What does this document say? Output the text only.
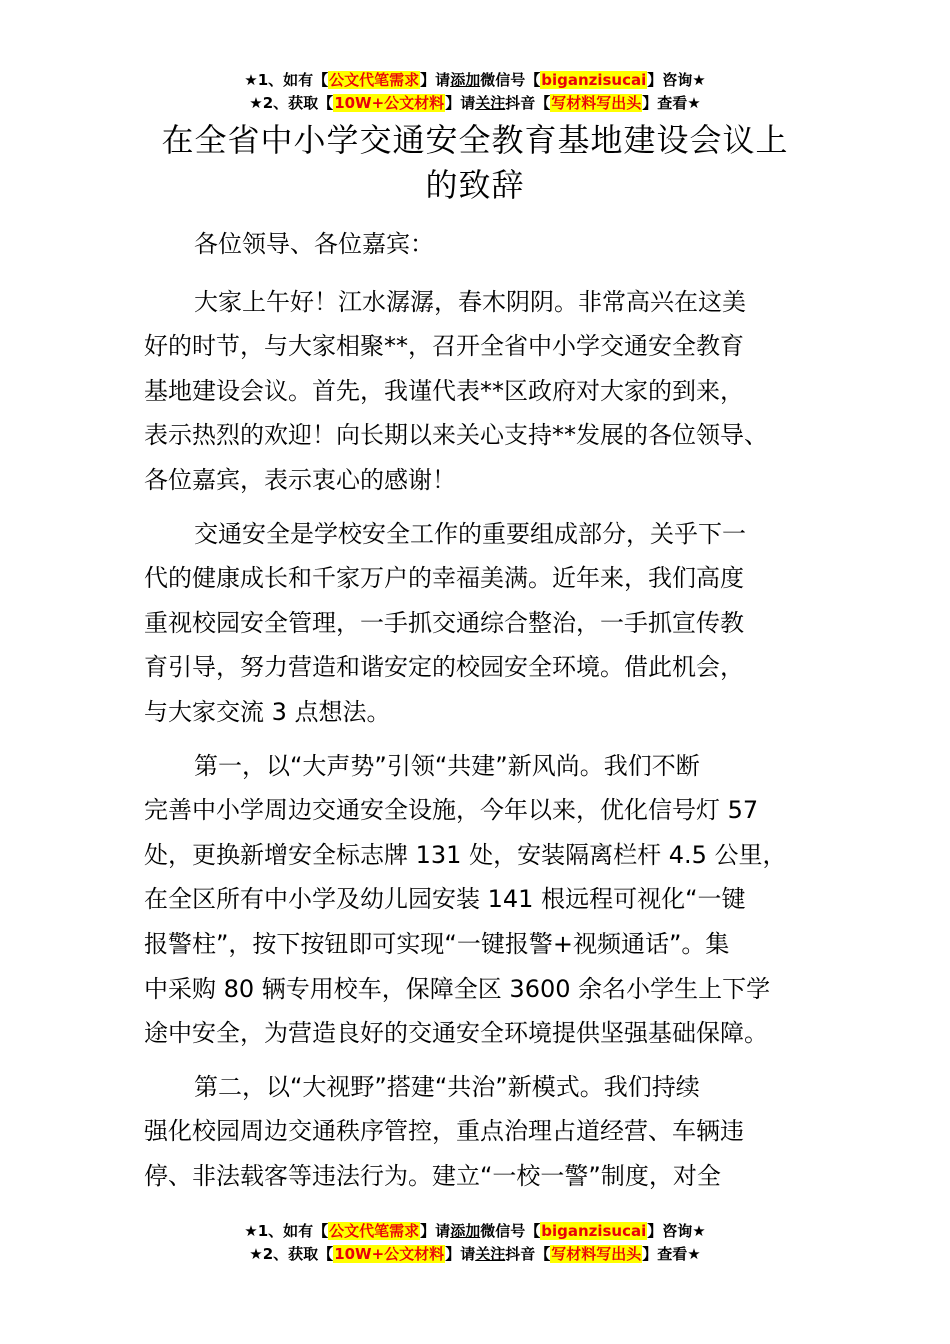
★1、如有【公文代笔需求】请添加微信号【biganzisucai】咨询★
★2、获取【10W+公文材料】请关注抖音【写材料写出头】查看★
在全省中小学交通安全教育基地建设会议上
的致辞
各位领导、各位嘉宾：
大家上午好！江水潺潺，春木阴阴。非常高兴在这美
好的时节，与大家相聚**，召开全省中小学交通安全教育
基地建设会议。首先，我谨代表**区政府对大家的到来，
表示热烈的欢迎！向长期以来关心支持**发展的各位领导、
各位嘉宾，表示衷心的感谢！
交通安全是学校安全工作的重要组成部分，关乎下一
代的健康成长和千家万户的幸福美满。近年来，我们高度
重视校园安全管理，一手抓交通综合整治，一手抓宣传教
育引导，努力营造和谐安定的校园安全环境。借此机会，
与大家交流 3 点想法。
第一，以“大声势”引领“共建”新风尚。我们不断
完善中小学周边交通安全设施，今年以来，优化信号灯 57
处，更换新增安全标志牌 131 处，安装隔离栏杆 4.5 公里，
在全区所有中小学及幼儿园安装 141 根远程可视化“一键
报警柱”，按下按钮即可实现“一键报警+视频通话”。集
中采购 80 辆专用校车，保障全区 3600 余名小学生上下学
途中安全，为营造良好的交通安全环境提供坚强基础保障。
第二，以“大视野”搭建“共治”新模式。我们持续
强化校园周边交通秩序管控，重点治理占道经营、车辆违
停、非法载客等违法行为。建立“一校一警”制度，对全
★1、如有【公文代笔需求】请添加微信号【biganzisucai】咨询★
★2、获取【10W+公文材料】请关注抖音【写材料写出头】查看★
